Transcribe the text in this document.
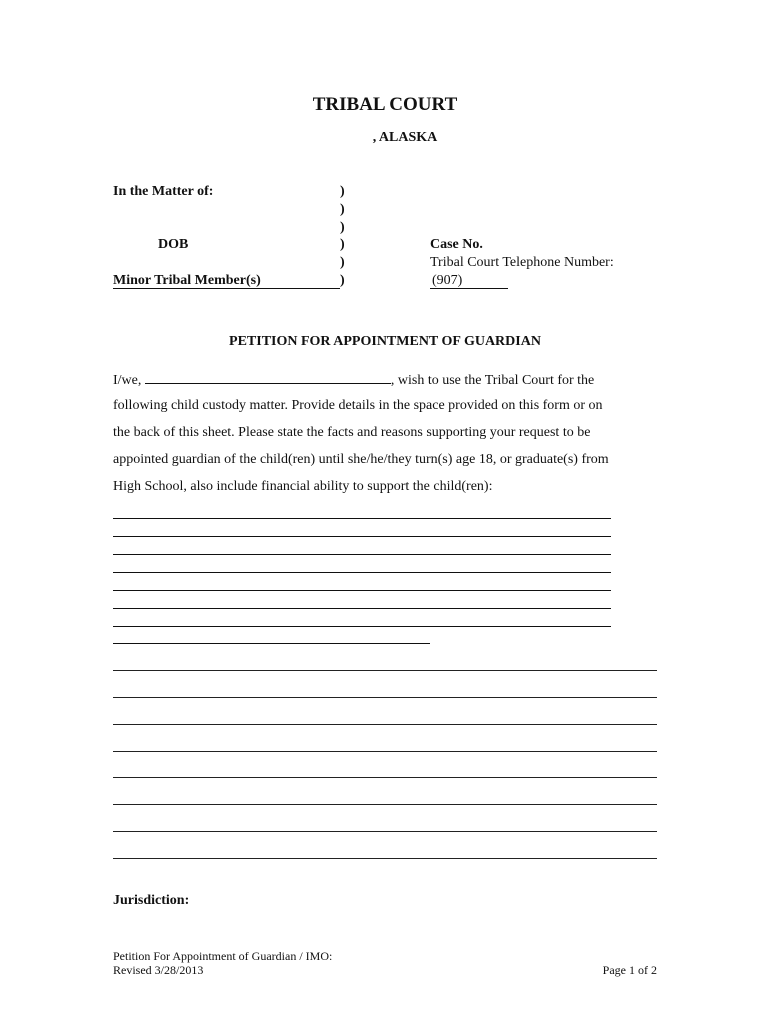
TRIBAL COURT
, ALASKA
In the Matter of:
DOB
Minor Tribal Member(s)
)
)
)
)
)
)
Case No.
Tribal Court Telephone Number:
(907)
PETITION FOR APPOINTMENT OF GUARDIAN
I/we,	, wish to use the Tribal Court for the
following child custody matter. Provide details in the space provided on this form or on
the back of this sheet. Please state the facts and reasons supporting your request to be
appointed guardian of the child(ren) until she/he/they turn(s) age 18, or graduate(s) from
High School, also include financial ability to support the child(ren):
Jurisdiction:
Petition For Appointment of Guardian / IMO:
Revised 3/28/2013	Page 1 of 2
